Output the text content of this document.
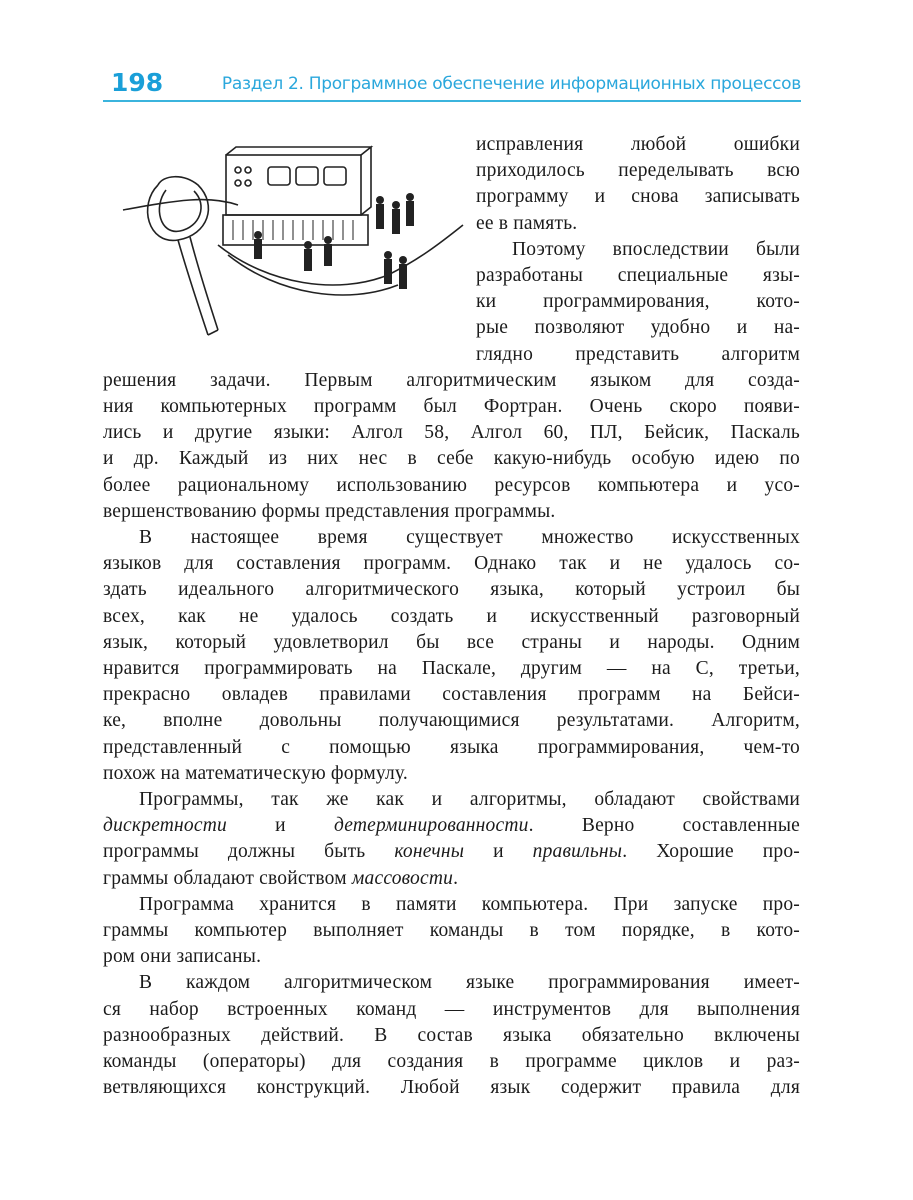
198	Раздел 2. Программное обеспечение информационных процессов
исправления любой ошибки
приходилось переделывать всю
программу и снова записывать
ее в память.
Поэтому впоследствии были
разработаны специальные язы-
ки программирования, кото-
рые позволяют удобно и на-
глядно представить алгоритм
решения задачи. Первым алгоритмическим языком для созда-
ния компьютерных программ был Фортран. Очень скоро появи-
лись и другие языки: Алгол 58, Алгол 60, ПЛ, Бейсик, Паскаль
и др. Каждый из них нес в себе какую-нибудь особую идею по
более рациональному использованию ресурсов компьютера и усо-
вершенствованию формы представления программы.
В настоящее время существует множество искусственных
языков для составления программ. Однако так и не удалось со-
здать идеального алгоритмического языка, который устроил бы
всех, как не удалось создать и искусственный разговорный
язык, который удовлетворил бы все страны и народы. Одним
нравится программировать на Паскале, другим — на С, третьи,
прекрасно овладев правилами составления программ на Бейси-
ке, вполне довольны получающимися результатами. Алгоритм,
представленный с помощью языка программирования, чем-то
похож на математическую формулу.
Программы, так же как и алгоритмы, обладают свойствами
дискретности и детерминированности. Верно составленные
программы должны быть конечны и правильны. Хорошие про-
граммы обладают свойством массовости.
Программа хранится в памяти компьютера. При запуске про-
граммы компьютер выполняет команды в том порядке, в кото-
ром они записаны.
В каждом алгоритмическом языке программирования имеет-
ся набор встроенных команд — инструментов для выполнения
разнообразных действий. В состав языка обязательно включены
команды (операторы) для создания в программе циклов и раз-
ветвляющихся конструкций. Любой язык содержит правила для
